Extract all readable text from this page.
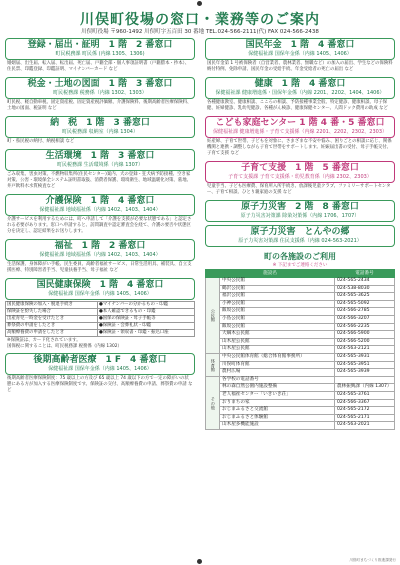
川俣町役場の窓口・業務等のご案内
川俣町役場 〒960-1492 川俣町字五百田 30 番地 TEL.024-566-2111(代) FAX 024-566-2438
登録・届出・証明　1 階　2 番窓口
町民税務課 町民係 (内線 1305、1306)
婚姻届、出生届、転入届、転出届、死亡届、戸籍全部・個人事項証明書（戸籍謄本・抄本）、住民票、印鑑登録、印鑑証明、マイナンバーカード など
税金・土地の図面　1 階　3 番窓口
町民税務課 税務係（内線 1302、1303）
町民税、軽自動車税、固定資産税、固定資産税評価額、介護保険料、後期高齢者医療保険料、土地の図面、税証明 など
納　税　1 階　3 番窓口
町民税務課 収納室（内線 1304）
町・県民税の納付、納税相談 など
生活環境　1 階　3 番窓口
町民税務課 生活環境係（内線 1307）
ごみ収集、害虫対策、不燃物収集所(住民センター)案内、犬の登録・狂犬病予防接種、空き家対策、公害・環境保全システム証明書取扱、消費者保護、環境衛生、地域温暖化対策、墓地、井戸飲料水水質検査など
介護保険　1 階　4 番窓口
保健福祉課 地域福祉係（内線 1402、1403、1404）
介護サービスを利用するためには、町へ申請して「介護を支援が必要な状態である」と認定される必要があります。窓口へ申請すると、訪問調査や認定審査会を経て、介護の要否や状態区分を決定し、認定結果をお送りします。
福祉　1 階　2 番窓口
保健福祉課 地域福祉係（内線 1402、1403、1404）
生活保護、身体障がい手帳、民生委員、高齢者福祉サービス、日常生活用具、補装具、自立支援医療、特別障害者手当、児童扶養手当、母子福祉 など
国民健康保険　1 階　4 番窓口
保健福祉課 国保年金係（内線 1405、1406）
国民健康保険の加入・脱退手続き	●マイナンバーの分かるもの・印鑑
保険証を紛失した場合	●本人確認できるもの・印鑑
出産育児一時金を受けたとき	●国保の保険証・母子手帳等
葬祭費の申請をしたとき	●保険証・会葬礼状・印鑑
高額療養費の申請をしたとき	●保険証・領収書・印鑑・振込口座
※保険証は、カード化されています。
国保税に関することは、町民税務課 税務係（内線 1302）
後期高齢者医療　1 F　4 番窓口
保健福祉課 国保年金係（内線 1405、1406）
後期高齢者医療保険制度：75 歳以上の方及び 65 歳以上 74 歳以下の方で一定の障がいの状態にある方が加入する医療保険制度です。保険証の交付、高額療養費の申請、葬祭費の申請 など
国民年金　1 階　4 番窓口
保健福祉課 国保年金係（内線 1405、1406）
国民年金第 1 号被保険者（自営業者、農林業者、無職など）の加入の届出、学生などの保険料納付特例、免除申請、国民年金の受給手続、年金受給者の死亡の届出 など
健康　1 階　4 番窓口
保健福祉課 健康増進係・国保年金係（内線 2201、2202、1404、1406）
各種健康教室、健康相談、こころの相談、予防接種事業全般、特定健診、健康相談、母子保健、妊婦健診、乳幼児健診、各種がん検診、健康保健センター、人間ドック費用の助成 など
こども家庭センター 1 階 4 番・5 番窓口
保健福祉課 健康増進係・子育て支援係（内線 2201、2202、2302、2303）
妊産婦、子育て世帯、子どもを対象に、さまざまな不安や悩み、困りごとの相談に応じ、関係機関と連携・調整しながら子育て世帯をサポートします。妊娠届出書の受付、母子手帳交付、子育て支援 など
子育て支援　1 階　5 番窓口
子育て支援課 子育て支援係・幼児教育係（内線 2302、2303）
児童手当、子ども医療費、保育所入所手続き、放課後児童クラブ、ファミリーサポートセンター、子育て相談、ひとり親家庭の支援 など
原子力災害　2 階　8 番窓口
原子力災害対策課 除染対策係（内線 1706、1707）
原子力災害　とんやの郷
原子力災害対策課 住民支援係（内線 024-563-2021）
町の各施設のご利用
※ 下記までご連絡ください
施設名		電話番号
公民館	中央公民館	024-565-2434
	鶴沢公民館	024-538-8030
	福沢公民館	024-565-3625
	小神公民館	024-565-5092
	飯坂公民館	024-566-2785
	小島公民館	024-566-3207
	飯坂公民館	024-566-2235
	大綱木公民館	024-566-5900
	山木屋公民館	024-566-5200
	山木屋公民館	024-563-2121
体育館	中央公民館体育館（総合体育館事務所）	024-565-3931
	川俣町体育館	024-565-3951
	農村広場	024-565-3939
その他	各学校の電話番号	
	林の森自然公園内施設整備	農林振興課（内線 1307）
	老人福祉センター「いきいき荘」	024-565-3761
	おりまちの家	024-566-3367
	おじまふるさと交流館	024-565-2172
	おじまふるさと体験館	024-565-2171
	山木屋多機能施設	024-563-2021
川俣町まちづくり推進課発行
